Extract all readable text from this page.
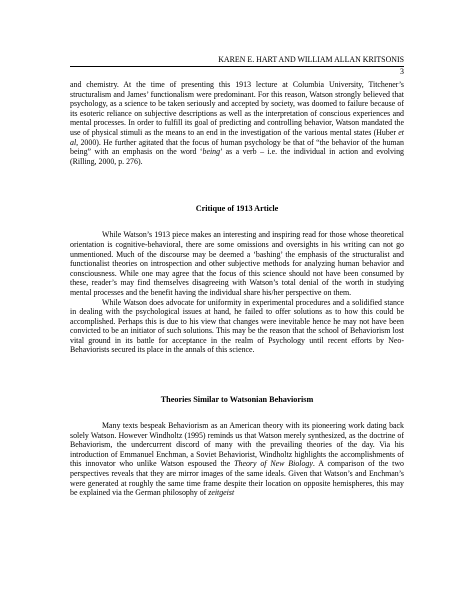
KAREN E. HART AND WILLIAM ALLAN KRITSONIS
3

and chemistry. At the time of presenting this 1913 lecture at Columbia University, Titchener’s structuralism and James’ functionalism were predominant. For this reason, Watson strongly believed that psychology, as a science to be taken seriously and accepted by society, was doomed to failure because of its esoteric reliance on subjective descriptions as well as the interpretation of conscious experiences and mental processes. In order to fulfill its goal of predicting and controlling behavior, Watson mandated the use of physical stimuli as the means to an end in the investigation of the various mental states (Huber et al, 2000). He further agitated that the focus of human psychology be that of “the behavior of the human being” with an emphasis on the word ‘being’ as a verb – i.e. the individual in action and evolving (Rilling, 2000, p. 276).

Critique of 1913 Article

While Watson’s 1913 piece makes an interesting and inspiring read for those whose theoretical orientation is cognitive-behavioral, there are some omissions and oversights in his writing can not go unmentioned. Much of the discourse may be deemed a ‘bashing’ the emphasis of the structuralist and functionalist theories on introspection and other subjective methods for analyzing human behavior and consciousness. While one may agree that the focus of this science should not have been consumed by these, reader’s may find themselves disagreeing with Watson’s total denial of the worth in studying mental processes and the benefit having the individual share his/her perspective on them.

While Watson does advocate for uniformity in experimental procedures and a solidified stance in dealing with the psychological issues at hand, he failed to offer solutions as to how this could be accomplished. Perhaps this is due to his view that changes were inevitable hence he may not have been convicted to be an initiator of such solutions. This may be the reason that the school of Behaviorism lost vital ground in its battle for acceptance in the realm of Psychology until recent efforts by Neo-Behaviorists secured its place in the annals of this science.

Theories Similar to Watsonian Behaviorism

Many texts bespeak Behaviorism as an American theory with its pioneering work dating back solely Watson. However Windholtz (1995) reminds us that Watson merely synthesized, as the doctrine of Behaviorism, the undercurrent discord of many with the prevailing theories of the day. Via his introduction of Emmanuel Enchman, a Soviet Behaviorist, Windholtz highlights the accomplishments of this innovator who unlike Watson espoused the Theory of New Biology. A comparison of the two perspectives reveals that they are mirror images of the same ideals. Given that Watson’s and Enchman’s were generated at roughly the same time frame despite their location on opposite hemispheres, this may be explained via the German philosophy of zeitgeist
